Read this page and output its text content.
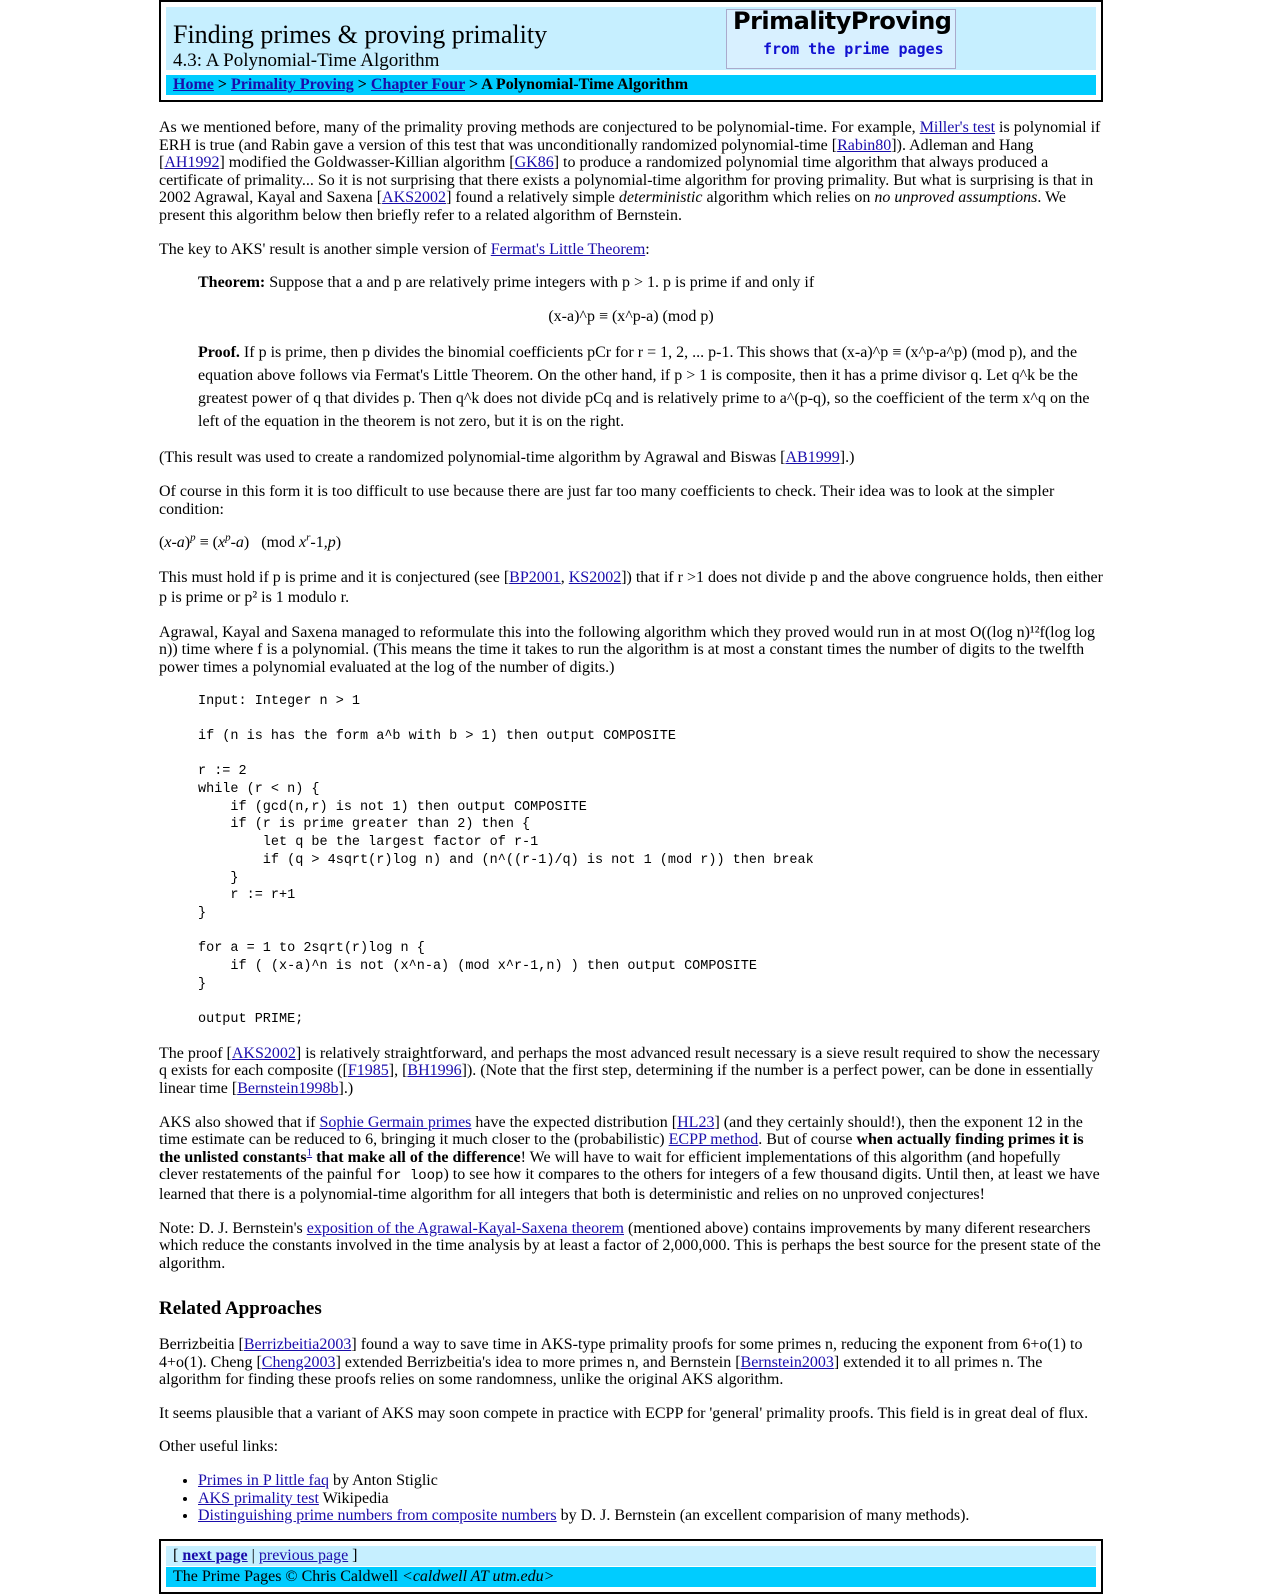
Finding primes & proving primality
4.3: A Polynomial-Time Algorithm
PrimalityProving
from the prime pages
Home > Primality Proving > Chapter Four > A Polynomial-Time Algorithm

As we mentioned before, many of the primality proving methods are conjectured to be polynomial-time. For example, Miller's test is polynomial if ERH is true (and Rabin gave a version of this test that was unconditionally randomized polynomial-time [Rabin80]). Adleman and Hang [AH1992] modified the Goldwasser-Killian algorithm [GK86] to produce a randomized polynomial time algorithm that always produced a certificate of primality... So it is not surprising that there exists a polynomial-time algorithm for proving primality. But what is surprising is that in 2002 Agrawal, Kayal and Saxena [AKS2002] found a relatively simple deterministic algorithm which relies on no unproved assumptions. We present this algorithm below then briefly refer to a related algorithm of Bernstein.

The key to AKS' result is another simple version of Fermat's Little Theorem:

Theorem: Suppose that a and p are relatively prime integers with p > 1. p is prime if and only if

(x-a)^p ≡ (x^p-a) (mod p)

Proof. If p is prime, then p divides the binomial coefficients pCr for r = 1, 2, ... p-1. This shows that (x-a)^p ≡ (x^p-a^p) (mod p), and the equation above follows via Fermat's Little Theorem. On the other hand, if p > 1 is composite, then it has a prime divisor q. Let q^k be the greatest power of q that divides p. Then q^k does not divide pCq and is relatively prime to a^(p-q), so the coefficient of the term x^q on the left of the equation in the theorem is not zero, but it is on the right.

(This result was used to create a randomized polynomial-time algorithm by Agrawal and Biswas [AB1999].)

Of course in this form it is too difficult to use because there are just far too many coefficients to check. Their idea was to look at the simpler condition:

$(x-a)^p \equiv (x^p-a)$   (mod $x^r-1,p$)

This must hold if p is prime and it is conjectured (see [BP2001, KS2002]) that if r >1 does not divide p and the above congruence holds, then either p is prime or p² is 1 modulo r.

Agrawal, Kayal and Saxena managed to reformulate this into the following algorithm which they proved would run in at most O((log n)¹²f(log log n)) time where f is a polynomial. (This means the time it takes to run the algorithm is at most a constant times the number of digits to the twelfth power times a polynomial evaluated at the log of the number of digits.)

Input: Integer n > 1

if (n is has the form a^b with b > 1) then output COMPOSITE

r := 2
while (r < n) {
if (gcd(n,r) is not 1) then output COMPOSITE
if (r is prime greater than 2) then {
let q be the largest factor of r-1
if (q > 4sqrt(r)log n) and (n^((r-1)/q) is not 1 (mod r)) then break
}
r := r+1
}

for a = 1 to 2sqrt(r)log n {
if ( (x-a)^n is not (x^n-a) (mod x^r-1,n) ) then output COMPOSITE
}

output PRIME;

The proof [AKS2002] is relatively straightforward, and perhaps the most advanced result necessary is a sieve result required to show the necessary q exists for each composite ([F1985], [BH1996]). (Note that the first step, determining if the number is a perfect power, can be done in essentially linear time [Bernstein1998b].)

AKS also showed that if Sophie Germain primes have the expected distribution [HL23] (and they certainly should!), then the exponent 12 in the time estimate can be reduced to 6, bringing it much closer to the (probabilistic) ECPP method. But of course when actually finding primes it is the unlisted constants$^1$ that make all of the difference! We will have to wait for efficient implementations of this algorithm (and hopefully clever restatements of the painful for loop) to see how it compares to the others for integers of a few thousand digits. Until then, at least we have learned that there is a polynomial-time algorithm for all integers that both is deterministic and relies on no unproved conjectures!

Note: D. J. Bernstein's exposition of the Agrawal-Kayal-Saxena theorem (mentioned above) contains improvements by many diferent researchers which reduce the constants involved in the time analysis by at least a factor of 2,000,000. This is perhaps the best source for the present state of the algorithm.

Related Approaches

Berrizbeitia [Berrizbeitia2003] found a way to save time in AKS-type primality proofs for some primes n, reducing the exponent from 6+o(1) to 4+o(1). Cheng [Cheng2003] extended Berrizbeitia's idea to more primes n, and Bernstein [Bernstein2003] extended it to all primes n. The algorithm for finding these proofs relies on some randomness, unlike the original AKS algorithm.

It seems plausible that a variant of AKS may soon compete in practice with ECPP for 'general' primality proofs. This field is in great deal of flux.

Other useful links:

• Primes in P little faq by Anton Stiglic
• AKS primality test Wikipedia
• Distinguishing prime numbers from composite numbers by D. J. Bernstein (an excellent comparision of many methods).
[ next page | previous page ]
The Prime Pages © Chris Caldwell <caldwell AT utm.edu>
